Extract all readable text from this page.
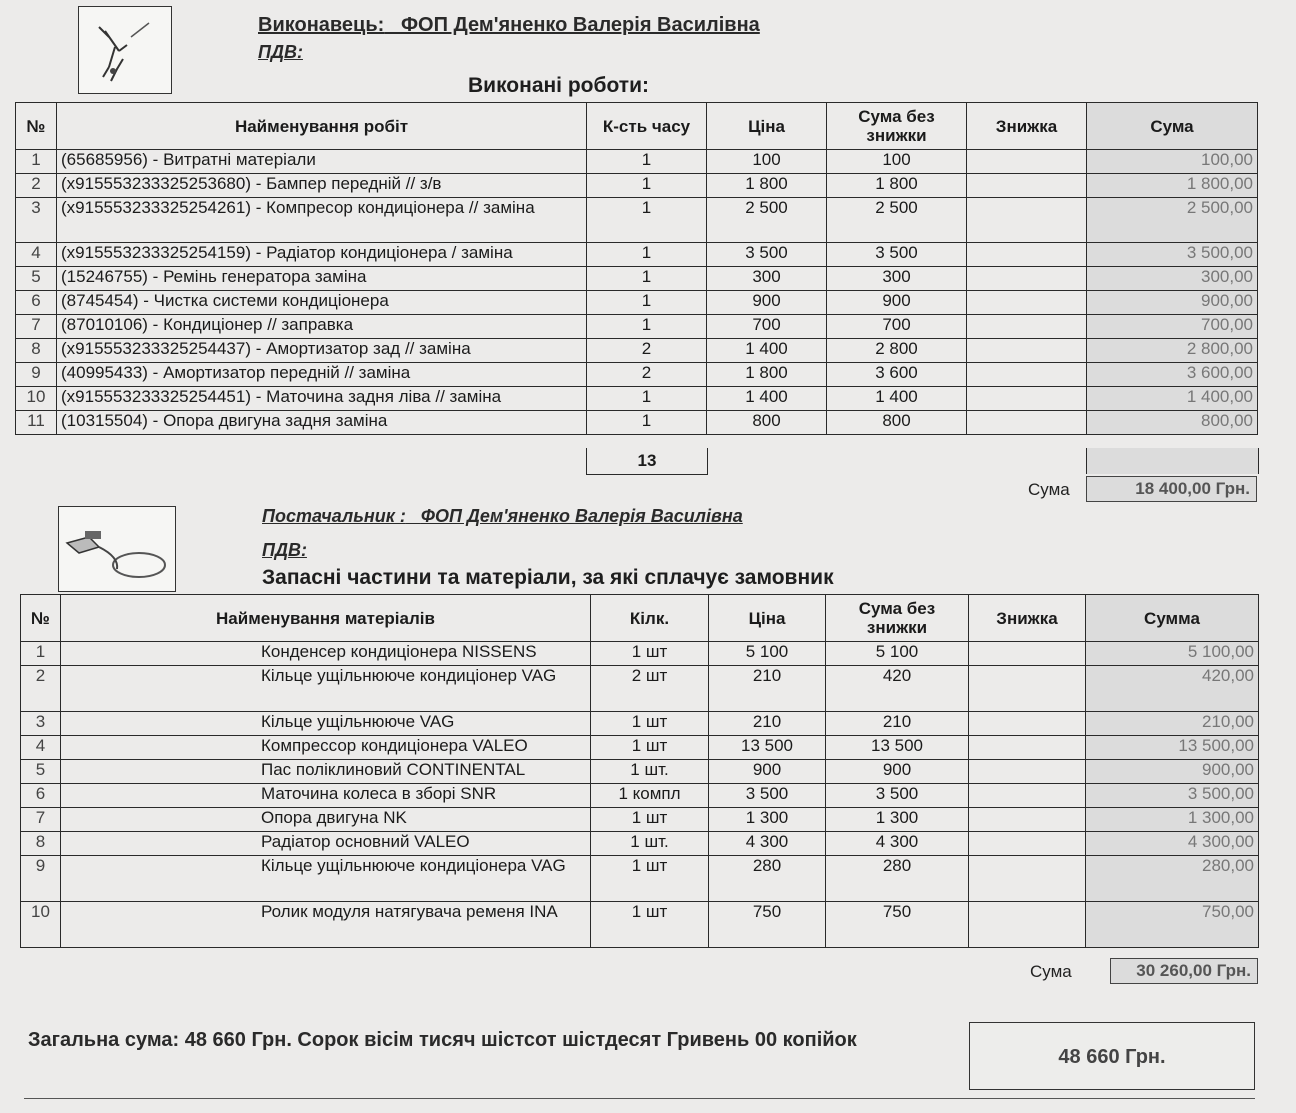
Виконавець: ФОП Дем'яненко Валерія Василівна
ПДВ:
Виконані роботи:
№	Найменування робіт	К-сть часу	Ціна	Сума без знижки	Знижка	Сума
1	(65685956) - Витратні матеріали	1	100	100		100,00
2	(x915553233325253680) - Бампер передній // з/в	1	1 800	1 800		1 800,00
3	(x915553233325254261) - Компресор кондиціонера // заміна	1	2 500	2 500		2 500,00
4	(x915553233325254159) - Радіатор кондиціонера / заміна	1	3 500	3 500		3 500,00
5	(15246755) - Ремінь генератора заміна	1	300	300		300,00
6	(8745454) - Чистка системи кондиціонера	1	900	900		900,00
7	(87010106) - Кондиціонер // заправка	1	700	700		700,00
8	(x915553233325254437) - Амортизатор зад // заміна	2	1 400	2 800		2 800,00
9	(40995433) - Амортизатор передній // заміна	2	1 800	3 600		3 600,00
10	(x915553233325254451) - Маточина задня ліва // заміна	1	1 400	1 400		1 400,00
11	(10315504) - Опора двигуна задня заміна	1	800	800		800,00
13
Сума	18 400,00 Грн.
Постачальник : ФОП Дем'яненко Валерія Василівна
ПДВ:
Запасні частини та матеріали, за які сплачує замовник
№	Найменування матеріалів	Кілк.	Ціна	Сума без знижки	Знижка	Сумма
1	Конденсер кондиціонера NISSENS	1 шт	5 100	5 100		5 100,00
2	Кільце ущільнююче кондиціонер VAG	2 шт	210	420		420,00
3	Кільце ущільнююче VAG	1 шт	210	210		210,00
4	Компрессор кондиціонера VALEO	1 шт	13 500	13 500		13 500,00
5	Пас поліклиновий CONTINENTAL	1 шт.	900	900		900,00
6	Маточина колеса в зборі SNR	1 компл	3 500	3 500		3 500,00
7	Опора двигуна NK	1 шт	1 300	1 300		1 300,00
8	Радіатор основний VALEO	1 шт.	4 300	4 300		4 300,00
9	Кільце ущільнююче кондиціонера VAG	1 шт	280	280		280,00
10	Ролик модуля натягувача ременя INA	1 шт	750	750		750,00
Сума	30 260,00 Грн.
Загальна сума: 48 660 Грн. Сорок вісім тисяч шістсот шістдесят Гривень 00 копійок
48 660 Грн.
